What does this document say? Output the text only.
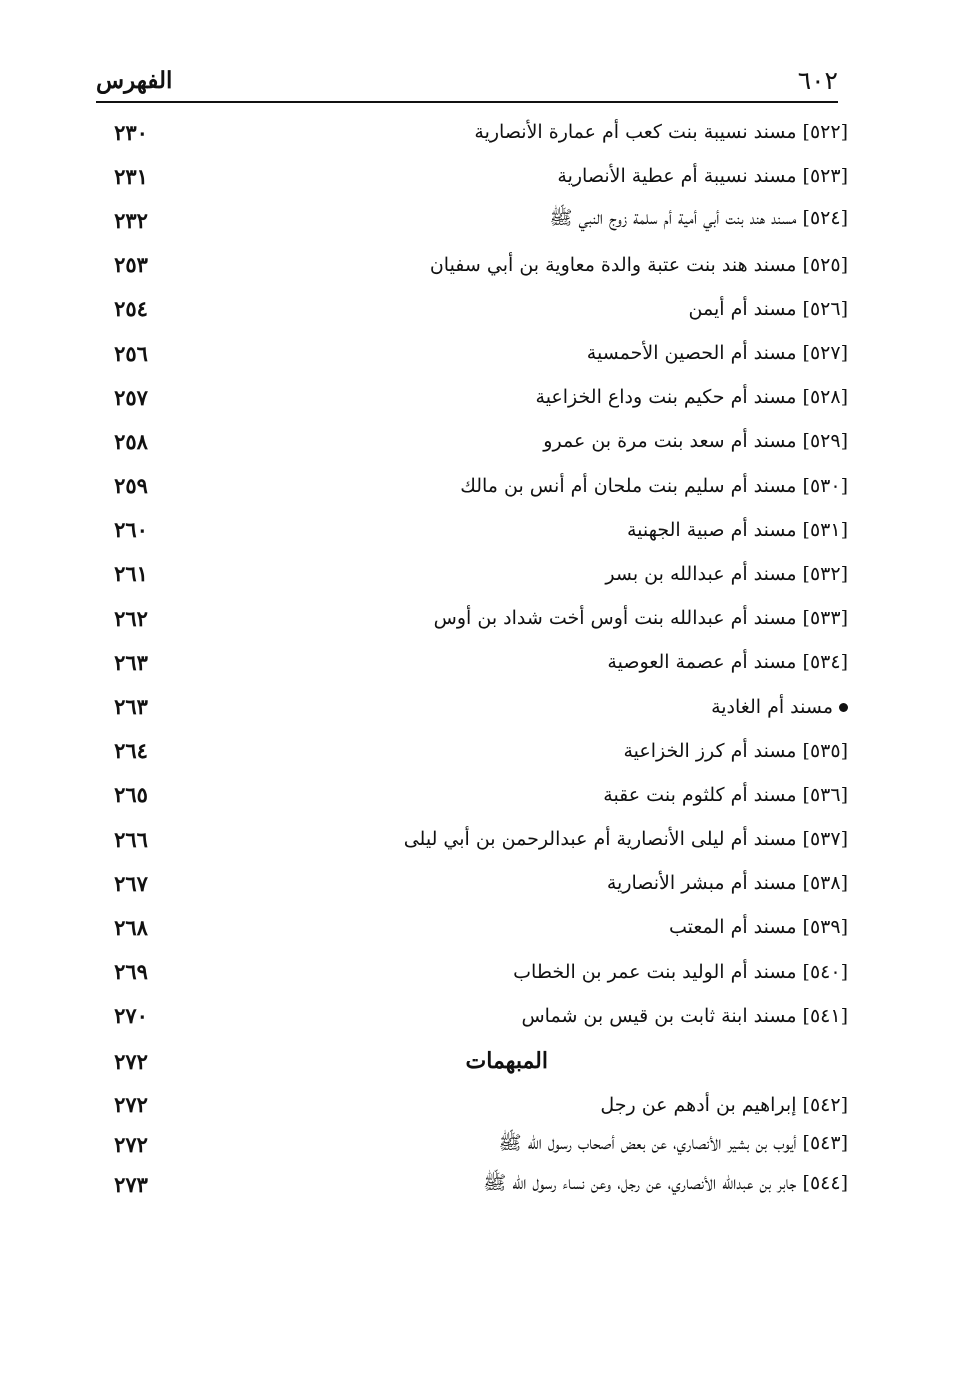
٦٠٢
الفهرس
[٥٢٢] مسند نسيبة بنت كعب أم عمارة الأنصارية
٢٣٠
[٥٢٣] مسند نسيبة أم عطية الأنصارية
٢٣١
[٥٢٤] مسند هند بنت أبي أمية أم سلمة زوج النبي ﷺ
٢٣٢
[٥٢٥] مسند هند بنت عتبة والدة معاوية بن أبي سفيان
٢٥٣
[٥٢٦] مسند أم أيمن
٢٥٤
[٥٢٧] مسند أم الحصين الأحمسية
٢٥٦
[٥٢٨] مسند أم حكيم بنت وداع الخزاعية
٢٥٧
[٥٢٩] مسند أم سعد بنت مرة بن عمرو
٢٥٨
[٥٣٠] مسند أم سليم بنت ملحان أم أنس بن مالك
٢٥٩
[٥٣١] مسند أم صبية الجهنية
٢٦٠
[٥٣٢] مسند أم عبدالله بن بسر
٢٦١
[٥٣٣] مسند أم عبدالله بنت أوس أخت شداد بن أوس
٢٦٢
[٥٣٤] مسند أم عصمة العوصية
٢٦٣
مسند أم الغادية
٢٦٣
[٥٣٥] مسند أم كرز الخزاعية
٢٦٤
[٥٣٦] مسند أم كلثوم بنت عقبة
٢٦٥
[٥٣٧] مسند أم ليلى الأنصارية أم عبدالرحمن بن أبي ليلى
٢٦٦
[٥٣٨] مسند أم مبشر الأنصارية
٢٦٧
[٥٣٩] مسند أم المعتب
٢٦٨
[٥٤٠] مسند أم الوليد بنت عمر بن الخطاب
٢٦٩
[٥٤١] مسند ابنة ثابت بن قيس بن شماس
٢٧٠
المبهمات
٢٧٢
[٥٤٢] إبراهيم بن أدهم عن رجل
٢٧٢
[٥٤٣] أيوب بن بشير الأنصاري، عن بعض أصحاب رسول الله ﷺ
٢٧٢
[٥٤٤] جابر بن عبدالله الأنصاري، عن رجل، وعن نساء رسول الله ﷺ
٢٧٣
